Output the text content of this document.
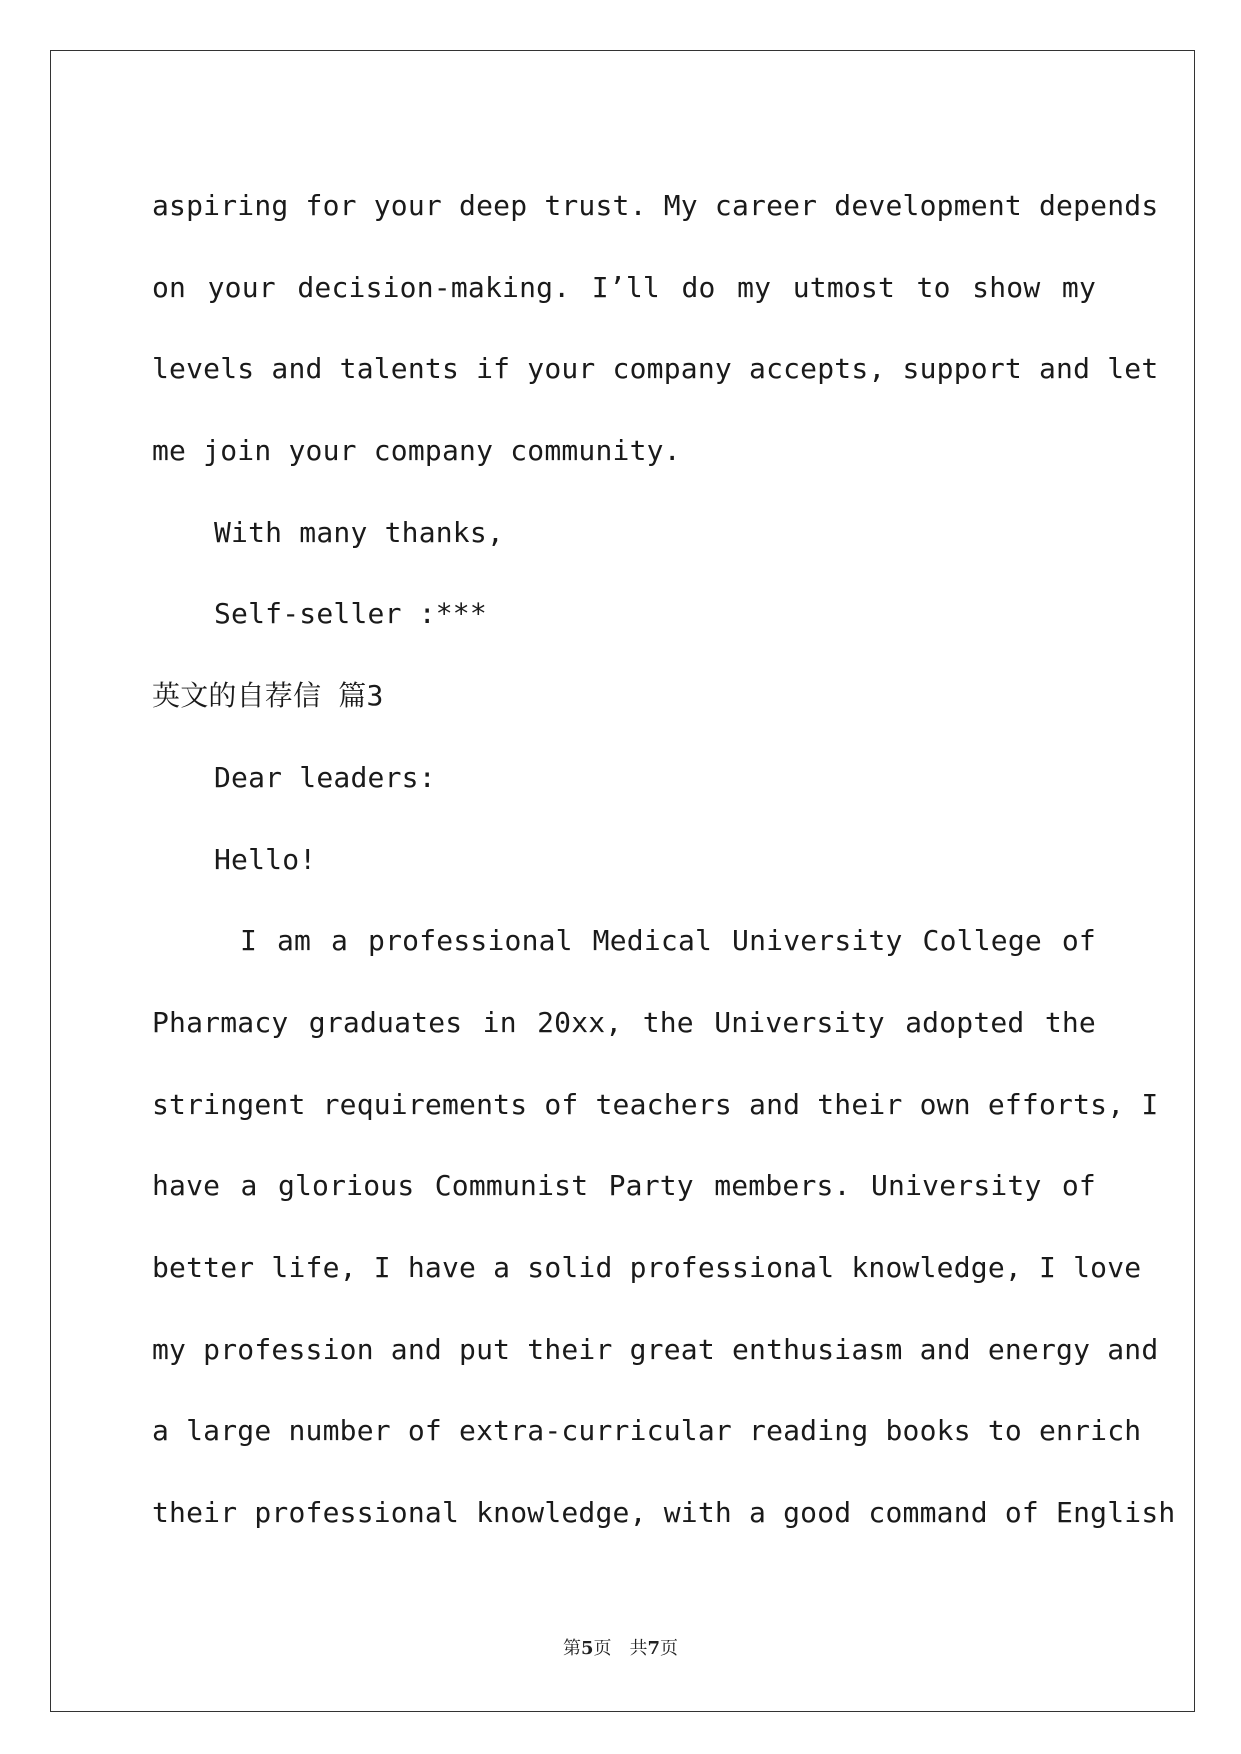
aspiring for your deep trust. My career development depends
on your decision-making. I’ll do my utmost to show my
levels and talents if your company accepts, support and let
me join your company community.
With many thanks,
Self-seller :***
英文的自荐信 篇3
Dear leaders:
Hello!
I am a professional Medical University College of
Pharmacy graduates in 20xx, the University adopted the
stringent requirements of teachers and their own efforts, I
have a glorious Communist Party members. University of
better life, I have a solid professional knowledge, I love
my profession and put their great enthusiasm and energy and
a large number of extra-curricular reading books to enrich
their professional knowledge, with a good command of English
第5页 共7页
